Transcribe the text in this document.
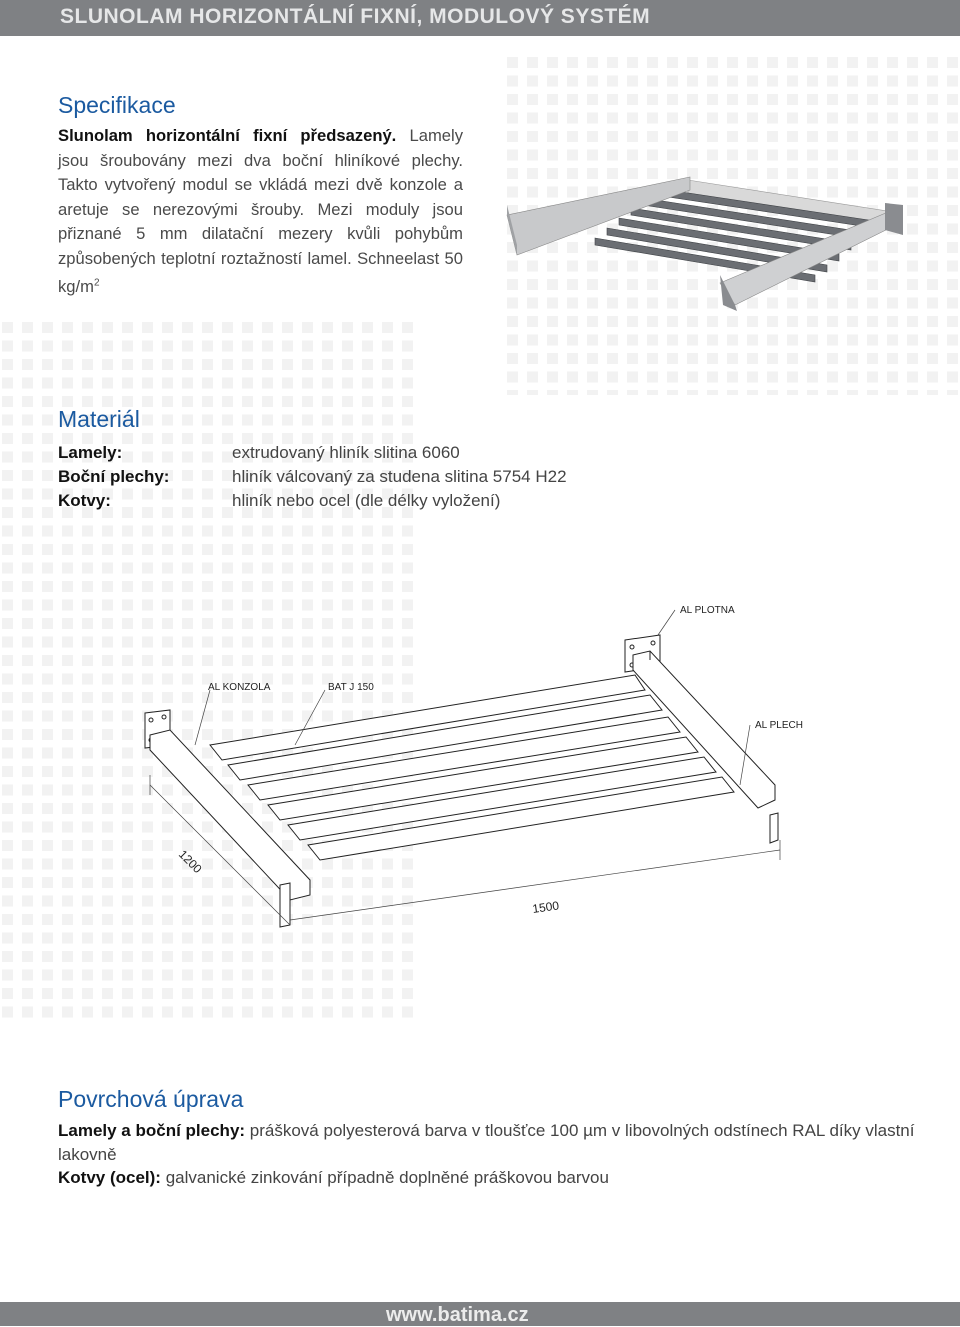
SLUNOLAM HORIZONTÁLNÍ FIXNÍ, MODULOVÝ SYSTÉM
Specifikace
Slunolam horizontální fixní předsazený. Lamely jsou šroubovány mezi dva boční hliníkové plechy. Takto vytvořený modul se vkládá mezi dvě konzole a aretuje se nerezovými šrouby. Mezi moduly jsou přiznané 5 mm dilatační mezery kvůli pohybům způsobených teplotní roztažností lamel. Schneelast 50 $kg/m^2$
Materiál
Lamely:	extrudovaný hliník slitina 6060
Boční plechy:	hliník válcovaný za studena slitina 5754 H22
Kotvy:	hliník nebo ocel (dle délky vyložení)
AL PLOTNA
AL KONZOLA	BAT J 150
AL PLECH
1200
1500
Povrchová úprava
Lamely a boční plechy: prášková polyesterová barva v tloušťce 100 µm v libovolných odstínech RAL díky vlastní lakovně
Kotvy (ocel): galvanické zinkování případně doplněné práškovou barvou
www.batima.cz
